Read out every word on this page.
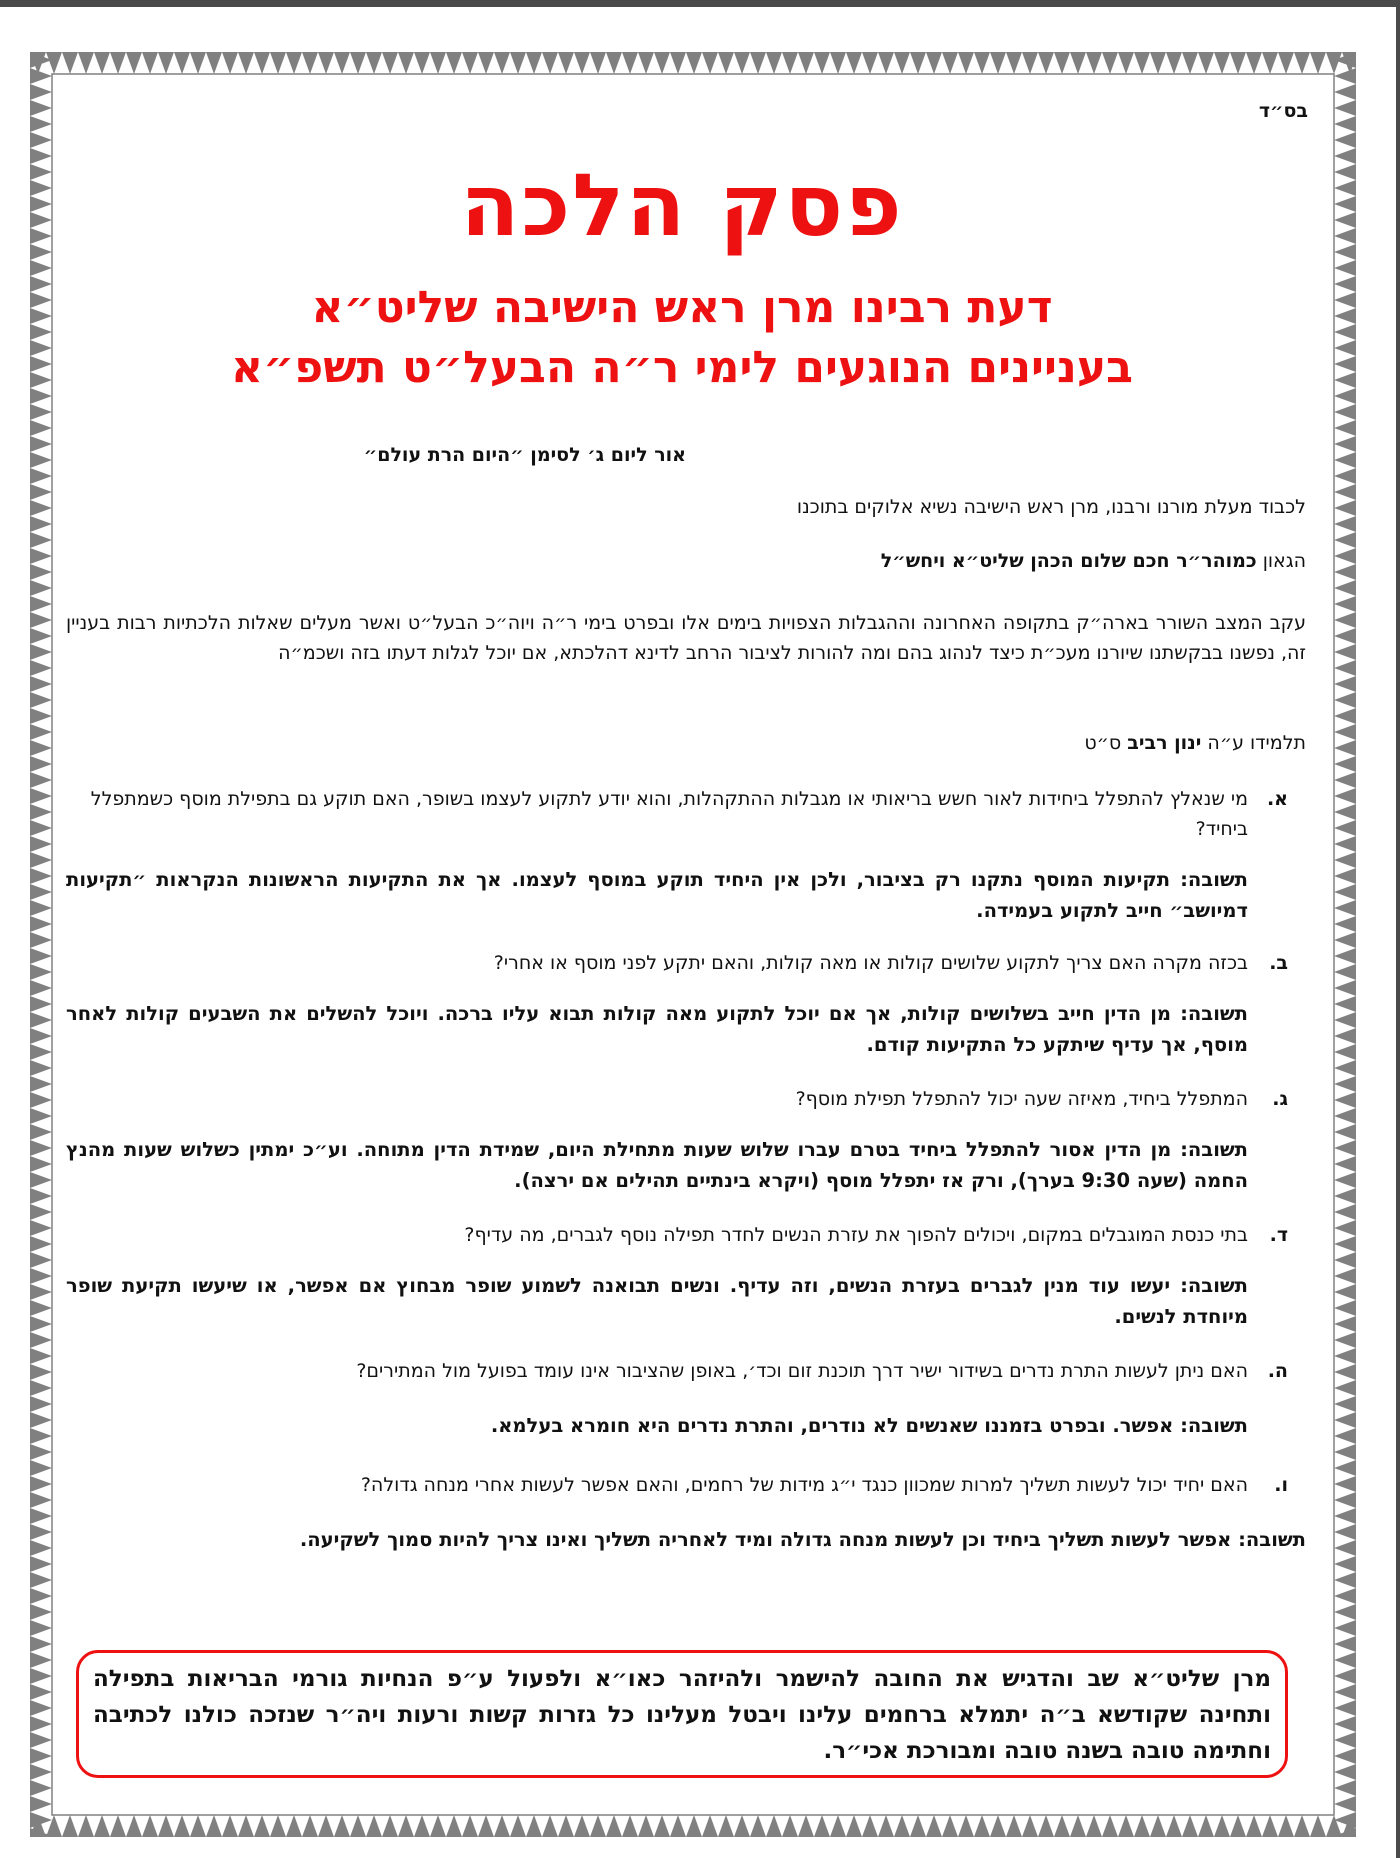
בס״ד
פסק הלכה
דעת רבינו מרן ראש הישיבה שליט״א
בעניינים הנוגעים לימי ר״ה הבעל״ט תשפ״א
אור ליום ג׳ לסימן ״היום הרת עולם״
לכבוד מעלת מורנו ורבנו, מרן ראש הישיבה נשיא אלוקים בתוכנו
הגאון כמוהר״ר חכם שלום הכהן שליט״א ויחש״ל
עקב המצב השורר בארה״ק בתקופה האחרונה וההגבלות הצפויות בימים אלו ובפרט בימי ר״ה ויוה״כ הבעל״ט ואשר מעלים שאלות הלכתיות רבות בעניין זה, נפשנו בבקשתנו שיורנו מעכ״ת כיצד לנהוג בהם ומה להורות לציבור הרחב לדינא דהלכתא, אם יוכל לגלות דעתו בזה ושכמ״ה
תלמידו ע״ה ינון רביב ס״ט
א.
מי שנאלץ להתפלל ביחידות לאור חשש בריאותי או מגבלות ההתקהלות, והוא יודע לתקוע לעצמו בשופר, האם תוקע גם בתפילת מוסף כשמתפלל ביחיד?
תשובה: תקיעות המוסף נתקנו רק בציבור, ולכן אין היחיד תוקע במוסף לעצמו. אך את התקיעות הראשונות הנקראות ״תקיעות דמיושב״ חייב לתקוע בעמידה.
ב.
בכזה מקרה האם צריך לתקוע שלושים קולות או מאה קולות, והאם יתקע לפני מוסף או אחרי?
תשובה: מן הדין חייב בשלושים קולות, אך אם יוכל לתקוע מאה קולות תבוא עליו ברכה. ויוכל להשלים את השבעים קולות לאחר מוסף, אך עדיף שיתקע כל התקיעות קודם.
ג.
המתפלל ביחיד, מאיזה שעה יכול להתפלל תפילת מוסף?
תשובה: מן הדין אסור להתפלל ביחיד בטרם עברו שלוש שעות מתחילת היום, שמידת הדין מתוחה. וע״כ ימתין כשלוש שעות מהנץ החמה (שעה 9:30 בערך), ורק אז יתפלל מוסף (ויקרא בינתיים תהילים אם ירצה).
ד.
בתי כנסת המוגבלים במקום, ויכולים להפוך את עזרת הנשים לחדר תפילה נוסף לגברים, מה עדיף?
תשובה: יעשו עוד מנין לגברים בעזרת הנשים, וזה עדיף. ונשים תבואנה לשמוע שופר מבחוץ אם אפשר, או שיעשו תקיעת שופר מיוחדת לנשים.
ה.
האם ניתן לעשות התרת נדרים בשידור ישיר דרך תוכנת זום וכד׳, באופן שהציבור אינו עומד בפועל מול המתירים?
תשובה: אפשר. ובפרט בזמננו שאנשים לא נודרים, והתרת נדרים היא חומרא בעלמא.
ו.
האם יחיד יכול לעשות תשליך למרות שמכוון כנגד י״ג מידות של רחמים, והאם אפשר לעשות אחרי מנחה גדולה?
תשובה: אפשר לעשות תשליך ביחיד וכן לעשות מנחה גדולה ומיד לאחריה תשליך ואינו צריך להיות סמוך לשקיעה.
מרן שליט״א שב והדגיש את החובה להישמר ולהיזהר כאו״א ולפעול ע״פ הנחיות גורמי הבריאות בתפילה ותחינה שקודשא ב״ה יתמלא ברחמים עלינו ויבטל מעלינו כל גזרות קשות ורעות ויה״ר שנזכה כולנו לכתיבה וחתימה טובה בשנה טובה ומבורכת אכי״ר.
